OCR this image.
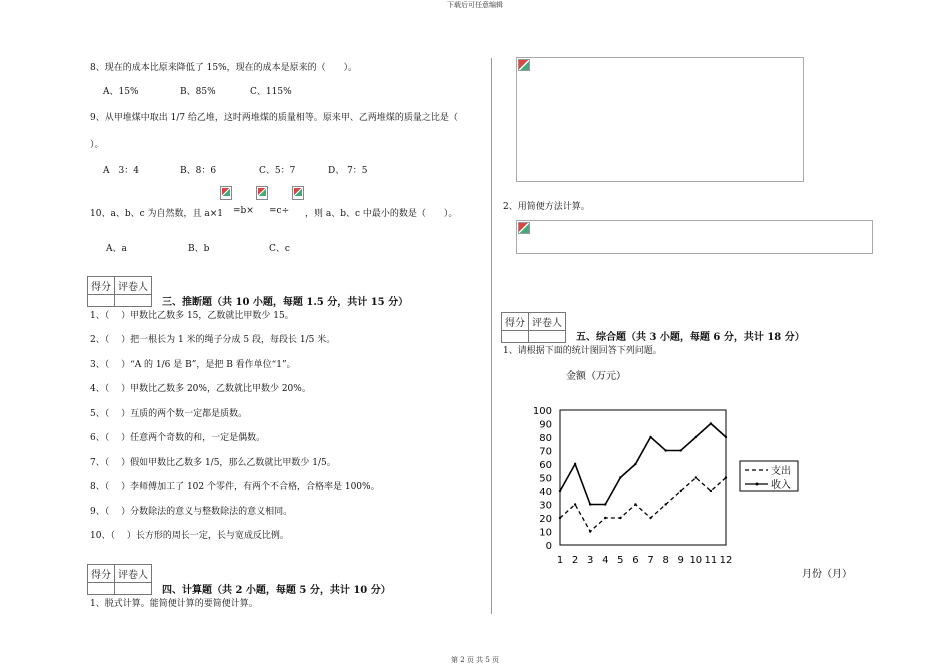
下载后可任意编辑
8、现在的成本比原来降低了 15%，现在的成本是原来的（　　）。
A、15%	B、85%	C、115%
9、从甲堆煤中取出 1/7 给乙堆，这时两堆煤的质量相等。原来甲、乙两堆煤的质量之比是（
）。
A　3：4	B、8：6	C、5：7	D、 7：5
10、a、b、c 为自然数，且 a×1 =b× =c÷ ，则 a、b、c 中最小的数是（　　）。
A、a	B、b	C、c
得分	评卷人

三、推断题（共 10 小题，每题 1.5 分，共计 15 分）
1、（　 ）甲数比乙数多 15，乙数就比甲数少 15。
2、（　 ）把一根长为 1 米的绳子分成 5 段，每段长 1/5 米。
3、（　 ）“A 的 1/6 是 B”，是把 B 看作单位“1”。
4、（　 ）甲数比乙数多 20%，乙数就比甲数少 20%。
5、（　 ）互质的两个数一定都是质数。
6、（　 ）任意两个奇数的和，一定是偶数。
7、（　 ）假如甲数比乙数多 1/5，那么乙数就比甲数少 1/5。
8、（　 ）李师傅加工了 102 个零件，有两个不合格，合格率是 100%。
9、（　 ）分数除法的意义与整数除法的意义相同。
10、（　 ）长方形的周长一定，长与宽成反比例。
得分	评卷人

四、计算题（共 2 小题，每题 5 分，共计 10 分）
1、脱式计算。能简便计算的要简便计算。
2、用简便方法计算。
得分	评卷人

五、综合题（共 3 小题，每题 6 分，共计 18 分）
1、请根据下面的统计图回答下列问题。
金额（万元）
月份（月）
0
10
20
30
40
50
60
70
80
90
100
1 2 3 4 5 6 7 8 9 10 11 12
支出
收入
第 2 页 共 5 页
